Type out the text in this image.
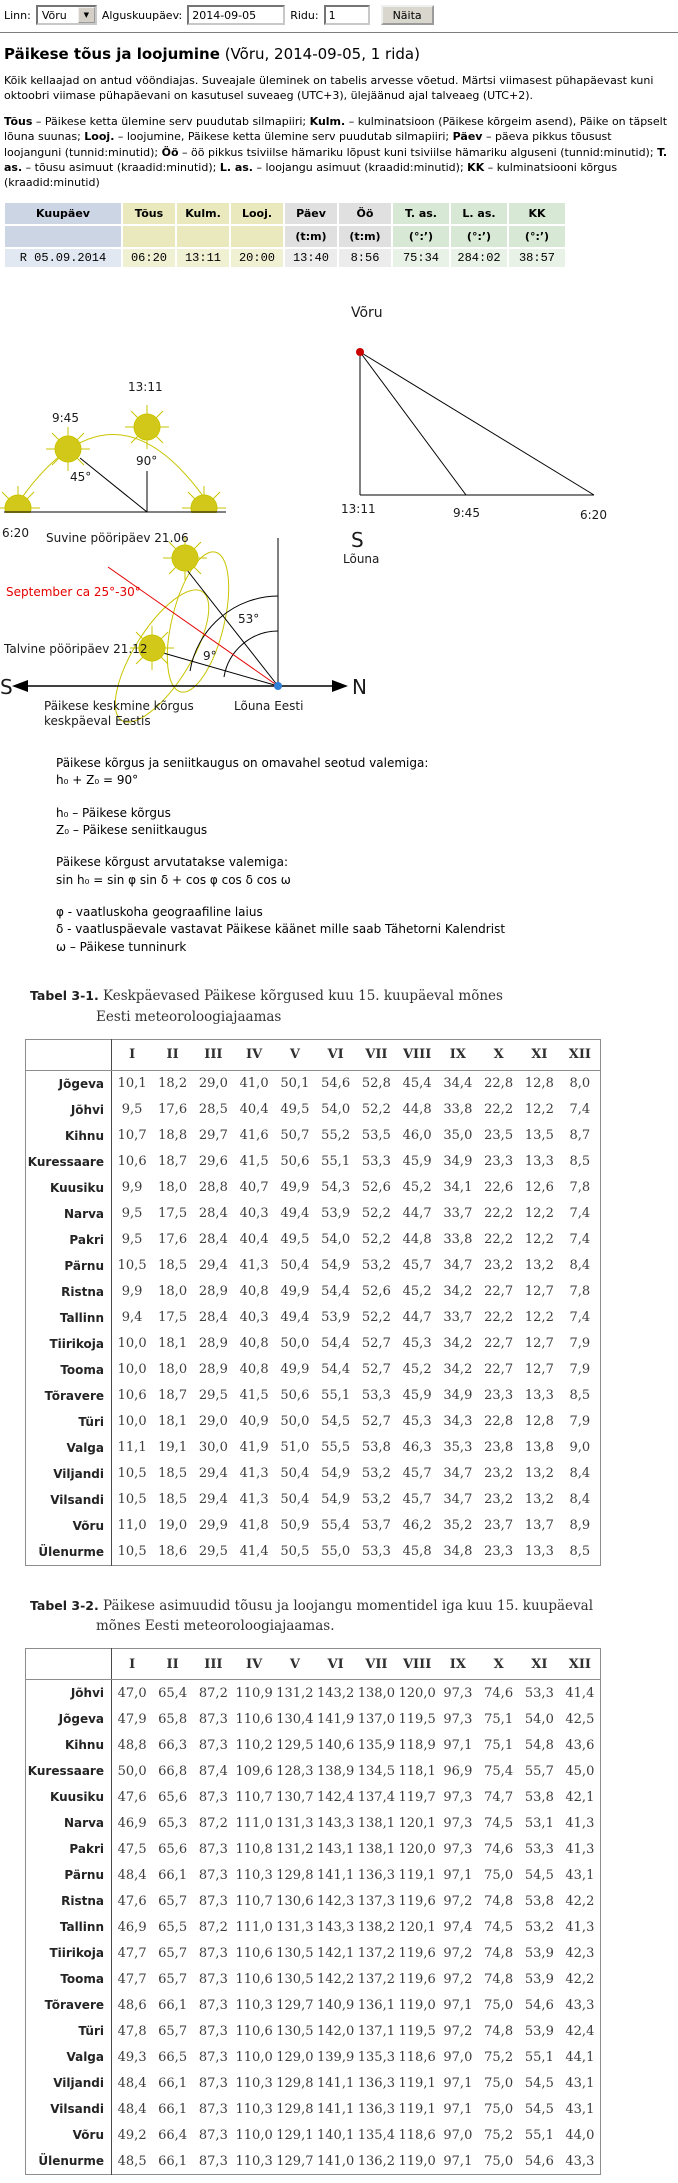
Linn:	Võru	▼	Alguskuupäev:
2014-09-05	Ridu:
1	Näita
Päikese tõus ja loojumine (Võru, 2014-09-05, 1 rida)

Kõik kellaajad on antud vööndiajas. Suveajale üleminek on tabelis arvesse võetud. Märtsi viimasest pühapäevast kuni oktoobri viimase pühapäevani on kasutusel suveaeg (UTC+3), ülejäänud ajal talveaeg (UTC+2).

Tõus – Päikese ketta ülemine serv puudutab silmapiiri; Kulm. – kulminatsioon (Päikese kõrgeim asend), Päike on täpselt lõuna suunas; Looj. – loojumine, Päikese ketta ülemine serv puudutab silmapiiri; Päev – päeva pikkus tõusust loojanguni (tunnid:minutid); Öö – öö pikkus tsiviilse hämariku lõpust kuni tsiviilse hämariku alguseni (tunnid:minutid); T. as. – tõusu asimuut (kraadid:minutid); L. as. – loojangu asimuut (kraadid:minutid); KK – kulminatsiooni kõrgus (kraadid:minutid)

Kuupäev	Tõus	Kulm.	Looj.	Päev	Öö	T. as.	L. as.	KK
				(t:m)	(t:m)	(°:’)	(°:’)	(°:’)
R 05.09.2014	06:20	13:11	20:00	13:40	8:56	75:34	284:02	38:57
13:11
9:45
90°
45°
6:20
Võru
13:11	9:45	6:20
S
Lõuna
Suvine pööripäev 21.06
September ca 25°-30°
Talvine pööripäev 21.12
53°
9°
S	N
Päikese keskmine kõrgus
keskpäeval Eestis
Lõuna Eesti

Päikese kõrgus ja seniitkaugus on omavahel seotud valemiga:
h₀ + Z₀ = 90°

h₀ – Päikese kõrgus
Z₀ – Päikese seniitkaugus

Päikese kõrgust arvutatakse valemiga:
sin h₀ = sin φ sin δ + cos φ cos δ cos ω

φ - vaatluskoha geograafiline laius
δ - vaatluspäevale vastavat Päikese käänet mille saab Tähetorni Kalendrist
ω – Päikese tunninurk

Tabel 3-1. Keskpäevased Päikese kõrgused kuu 15. kuupäeval mõnes
Eesti meteoroloogiajaamas

	I	II	III	IV	V	VI	VII	VIII	IX	X	XI	XII
Jõgeva	10,1	18,2	29,0	41,0	50,1	54,6	52,8	45,4	34,4	22,8	12,8	8,0
Jõhvi	9,5	17,6	28,5	40,4	49,5	54,0	52,2	44,8	33,8	22,2	12,2	7,4
Kihnu	10,7	18,8	29,7	41,6	50,7	55,2	53,5	46,0	35,0	23,5	13,5	8,7
Kuressaare	10,6	18,7	29,6	41,5	50,6	55,1	53,3	45,9	34,9	23,3	13,3	8,5
Kuusiku	9,9	18,0	28,8	40,7	49,9	54,3	52,6	45,2	34,1	22,6	12,6	7,8
Narva	9,5	17,5	28,4	40,3	49,4	53,9	52,2	44,7	33,7	22,2	12,2	7,4
Pakri	9,5	17,6	28,4	40,4	49,5	54,0	52,2	44,8	33,8	22,2	12,2	7,4
Pärnu	10,5	18,5	29,4	41,3	50,4	54,9	53,2	45,7	34,7	23,2	13,2	8,4
Ristna	9,9	18,0	28,9	40,8	49,9	54,4	52,6	45,2	34,2	22,7	12,7	7,8
Tallinn	9,4	17,5	28,4	40,3	49,4	53,9	52,2	44,7	33,7	22,2	12,2	7,4
Tiirikoja	10,0	18,1	28,9	40,8	50,0	54,4	52,7	45,3	34,2	22,7	12,7	7,9
Tooma	10,0	18,0	28,9	40,8	49,9	54,4	52,7	45,2	34,2	22,7	12,7	7,9
Tõravere	10,6	18,7	29,5	41,5	50,6	55,1	53,3	45,9	34,9	23,3	13,3	8,5
Türi	10,0	18,1	29,0	40,9	50,0	54,5	52,7	45,3	34,3	22,8	12,8	7,9
Valga	11,1	19,1	30,0	41,9	51,0	55,5	53,8	46,3	35,3	23,8	13,8	9,0
Viljandi	10,5	18,5	29,4	41,3	50,4	54,9	53,2	45,7	34,7	23,2	13,2	8,4
Vilsandi	10,5	18,5	29,4	41,3	50,4	54,9	53,2	45,7	34,7	23,2	13,2	8,4
Võru	11,0	19,0	29,9	41,8	50,9	55,4	53,7	46,2	35,2	23,7	13,7	8,9
Ülenurme	10,5	18,6	29,5	41,4	50,5	55,0	53,3	45,8	34,8	23,3	13,3	8,5

Tabel 3-2. Päikese asimuudid tõusu ja loojangu momentidel iga kuu 15. kuupäeval
mõnes Eesti meteoroloogiajaamas.

	I	II	III	IV	V	VI	VII	VIII	IX	X	XI	XII
Jõhvi	47,0	65,4	87,2	110,9	131,2	143,2	138,0	120,0	97,3	74,6	53,3	41,4
Jõgeva	47,9	65,8	87,3	110,6	130,4	141,9	137,0	119,5	97,3	75,1	54,0	42,5
Kihnu	48,8	66,3	87,3	110,2	129,5	140,6	135,9	118,9	97,1	75,1	54,8	43,6
Kuressaare	50,0	66,8	87,4	109,6	128,3	138,9	134,5	118,1	96,9	75,4	55,7	45,0
Kuusiku	47,6	65,6	87,3	110,7	130,7	142,4	137,4	119,7	97,3	74,7	53,8	42,1
Narva	46,9	65,3	87,2	111,0	131,3	143,3	138,1	120,1	97,3	74,5	53,1	41,3
Pakri	47,5	65,6	87,3	110,8	131,2	143,1	138,1	120,0	97,3	74,6	53,3	41,3
Pärnu	48,4	66,1	87,3	110,3	129,8	141,1	136,3	119,1	97,1	75,0	54,5	43,1
Ristna	47,6	65,7	87,3	110,7	130,6	142,3	137,3	119,6	97,2	74,8	53,8	42,2
Tallinn	46,9	65,5	87,2	111,0	131,3	143,3	138,2	120,1	97,4	74,5	53,2	41,3
Tiirikoja	47,7	65,7	87,3	110,6	130,5	142,1	137,2	119,6	97,2	74,8	53,9	42,3
Tooma	47,7	65,7	87,3	110,6	130,5	142,2	137,2	119,6	97,2	74,8	53,9	42,2
Tõravere	48,6	66,1	87,3	110,3	129,7	140,9	136,1	119,0	97,1	75,0	54,6	43,3
Türi	47,8	65,7	87,3	110,6	130,5	142,0	137,1	119,5	97,2	74,8	53,9	42,4
Valga	49,3	66,5	87,3	110,0	129,0	139,9	135,3	118,6	97,0	75,2	55,1	44,1
Viljandi	48,4	66,1	87,3	110,3	129,8	141,1	136,3	119,1	97,1	75,0	54,5	43,1
Vilsandi	48,4	66,1	87,3	110,3	129,8	141,1	136,3	119,1	97,1	75,0	54,5	43,1
Võru	49,2	66,4	87,3	110,0	129,1	140,1	135,4	118,6	97,0	75,2	55,1	44,0
Ülenurme	48,5	66,1	87,3	110,3	129,7	141,0	136,2	119,0	97,1	75,0	54,6	43,3
